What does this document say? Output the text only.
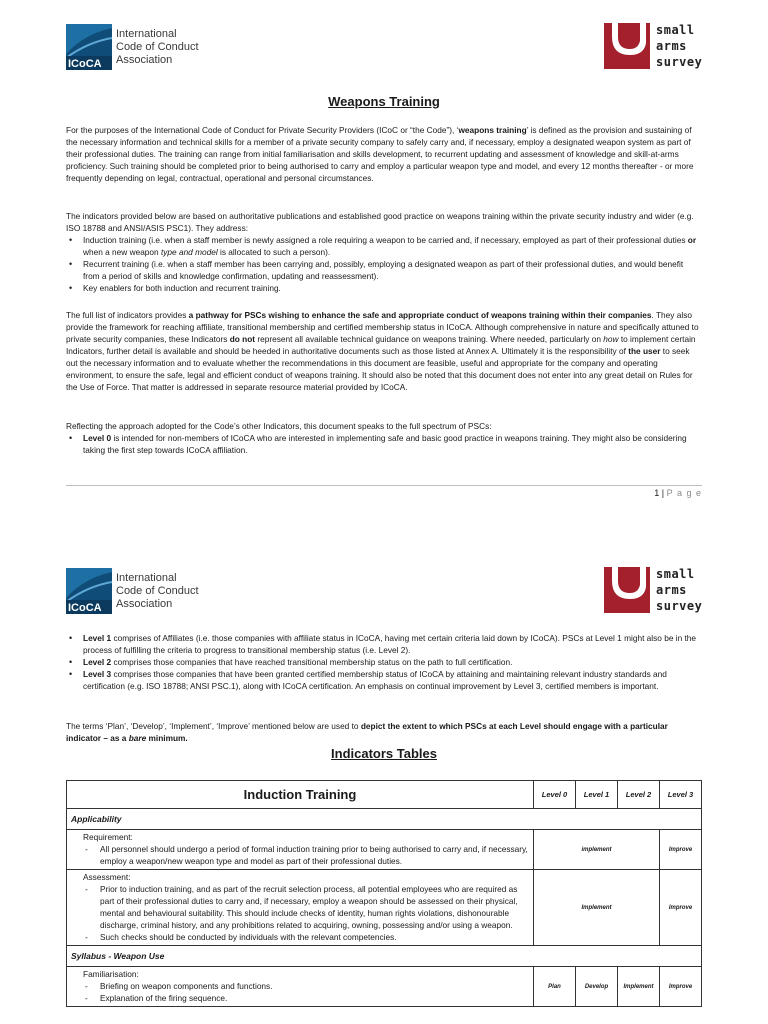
ICoCA
International
Code of Conduct
Association
small
arms
survey
Weapons Training
For the purposes of the International Code of Conduct for Private Security Providers (ICoC or “the Code”), ‘weapons training’ is defined as the provision and sustaining of the necessary information and technical skills for a member of a private security company to safely carry and, if necessary, employ a designated weapon system as part of their professional duties. The training can range from initial familiarisation and skills development, to recurrent updating and assessment of knowledge and skill-at-arms proficiency. Such training should be completed prior to being authorised to carry and employ a particular weapon type and model, and every 12 months thereafter - or more frequently depending on legal, contractual, operational and personal circumstances.
The indicators provided below are based on authoritative publications and established good practice on weapons training within the private security industry and wider (e.g. ISO 18788 and ANSI/ASIS PSC1). They address:
• Induction training (i.e. when a staff member is newly assigned a role requiring a weapon to be carried and, if necessary, employed as part of their professional duties or when a new weapon type and model is allocated to such a person).
• Recurrent training (i.e. when a staff member has been carrying and, possibly, employing a designated weapon as part of their professional duties, and would benefit from a period of skills and knowledge confirmation, updating and reassessment).
• Key enablers for both induction and recurrent training.
The full list of indicators provides a pathway for PSCs wishing to enhance the safe and appropriate conduct of weapons training within their companies. They also provide the framework for reaching affiliate, transitional membership and certified membership status in ICoCA. Although comprehensive in nature and specifically attuned to private security companies, these Indicators do not represent all available technical guidance on weapons training. Where needed, particularly on how to implement certain Indicators, further detail is available and should be heeded in authoritative documents such as those listed at Annex A. Ultimately it is the responsibility of the user to seek out the necessary information and to evaluate whether the recommendations in this document are feasible, useful and appropriate for the company and operating environment, to ensure the safe, legal and efficient conduct of weapons training. It should also be noted that this document does not enter into any great detail on Rules for the Use of Force. That matter is addressed in separate resource material provided by ICoCA.
Reflecting the approach adopted for the Code’s other Indicators, this document speaks to the full spectrum of PSCs:
• Level 0 is intended for non-members of ICoCA who are interested in implementing safe and basic good practice in weapons training. They might also be considering taking the first step towards ICoCA affiliation.
1 | P a g e
ICoCA
International
Code of Conduct
Association
small
arms
survey
• Level 1 comprises of Affiliates (i.e. those companies with affiliate status in ICoCA, having met certain criteria laid down by ICoCA). PSCs at Level 1 might also be in the process of fulfilling the criteria to progress to transitional membership status (i.e. Level 2).
• Level 2 comprises those companies that have reached transitional membership status on the path to full certification.
• Level 3 comprises those companies that have been granted certified membership status of ICoCA by attaining and maintaining relevant industry standards and certification (e.g. ISO 18788; ANSI PSC.1), along with ICoCA certification. An emphasis on continual improvement by Level 3, certified members is important.
The terms ‘Plan’, ‘Develop’, ‘Implement’, ‘Improve’ mentioned below are used to depict the extent to which PSCs at each Level should engage with a particular indicator – as a bare minimum.
Indicators Tables
Induction Training	Level 0	Level 1	Level 2	Level 3
Applicability				

Requirement:
- All personnel should undergo a period of formal induction training prior to being authorised to carry and, if necessary, employ a weapon/new weapon type and model as part of their professional duties.	implement			Improve

Assessment:
- Prior to induction training, and as part of the recruit selection process, all potential employees who are required as part of their professional duties to carry and, if necessary, employ a weapon should be assessed on their physical, mental and behavioural suitability. This should include checks of identity, human rights violations, dishonourable discharge, criminal history, and any prohibitions related to acquiring, owning, possessing and/or using a weapon.
- Such checks should be conducted by individuals with the relevant competencies.	Implement			Improve
Syllabus - Weapon Use				

Familiarisation:
- Briefing on weapon components and functions.
- Explanation of the firing sequence.	Plan	Develop	Implement	Improve
